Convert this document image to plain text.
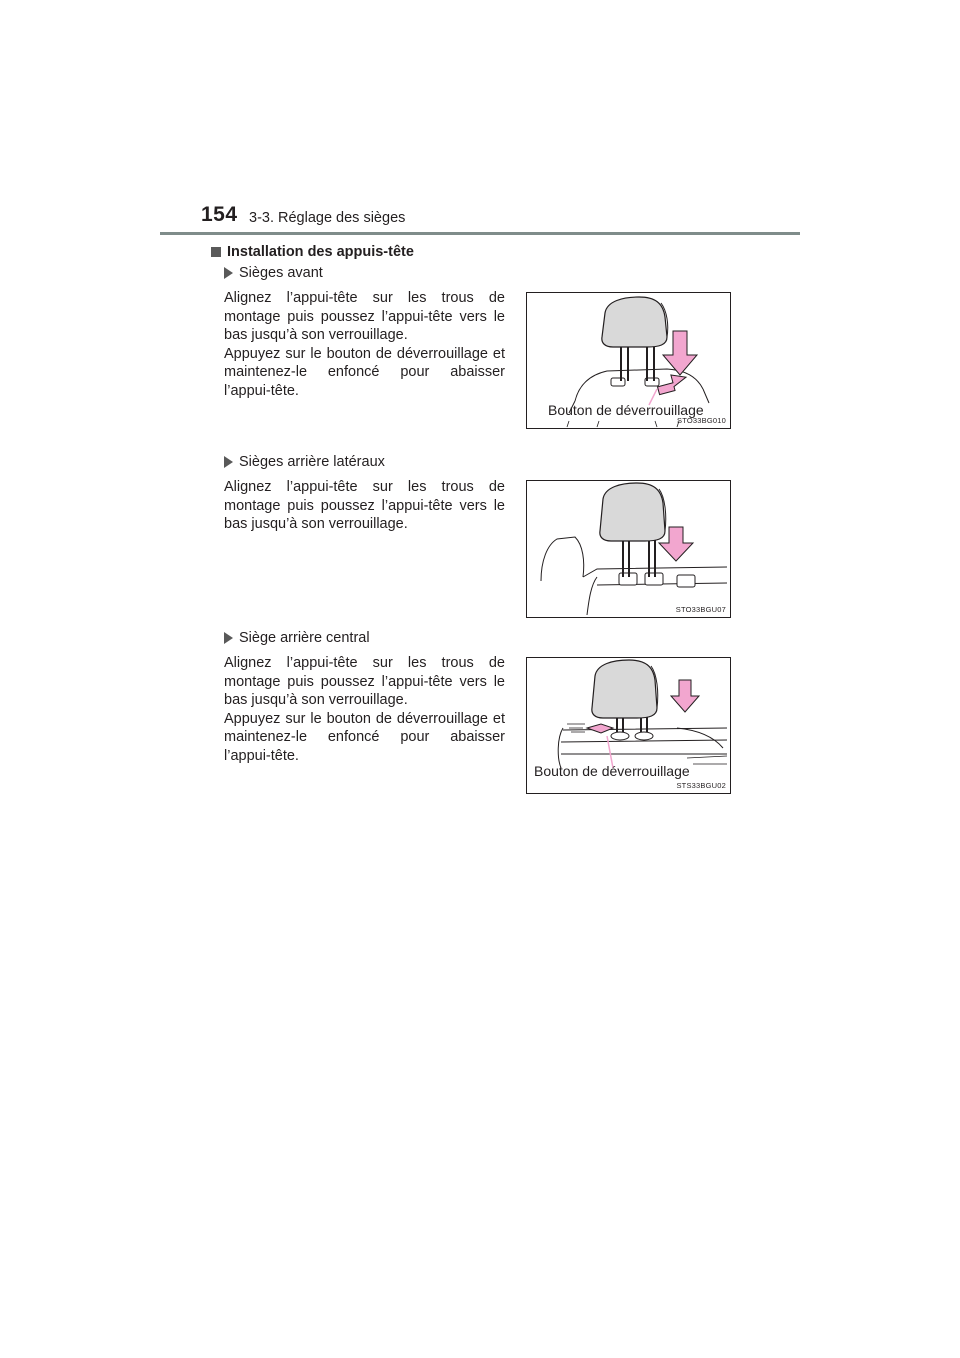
154 3-3. Réglage des sièges
Installation des appuis-tête
Sièges avant

Alignez l’appui-tête sur les trous de montage puis poussez l’appui-tête vers le bas jusqu’à son verrouillage.

Appuyez sur le bouton de déverrouillage et maintenez-le enfoncé pour abaisser l’appui-tête.

Bouton de déverrouillage
STO33BG010
Sièges arrière latéraux

Alignez l’appui-tête sur les trous de montage puis poussez l’appui-tête vers le bas jusqu’à son verrouillage.

STO33BGU07
Siège arrière central

Alignez l’appui-tête sur les trous de montage puis poussez l’appui-tête vers le bas jusqu’à son verrouillage.

Appuyez sur le bouton de déverrouillage et maintenez-le enfoncé pour abaisser l’appui-tête.

Bouton de déverrouillage
STS33BGU02
